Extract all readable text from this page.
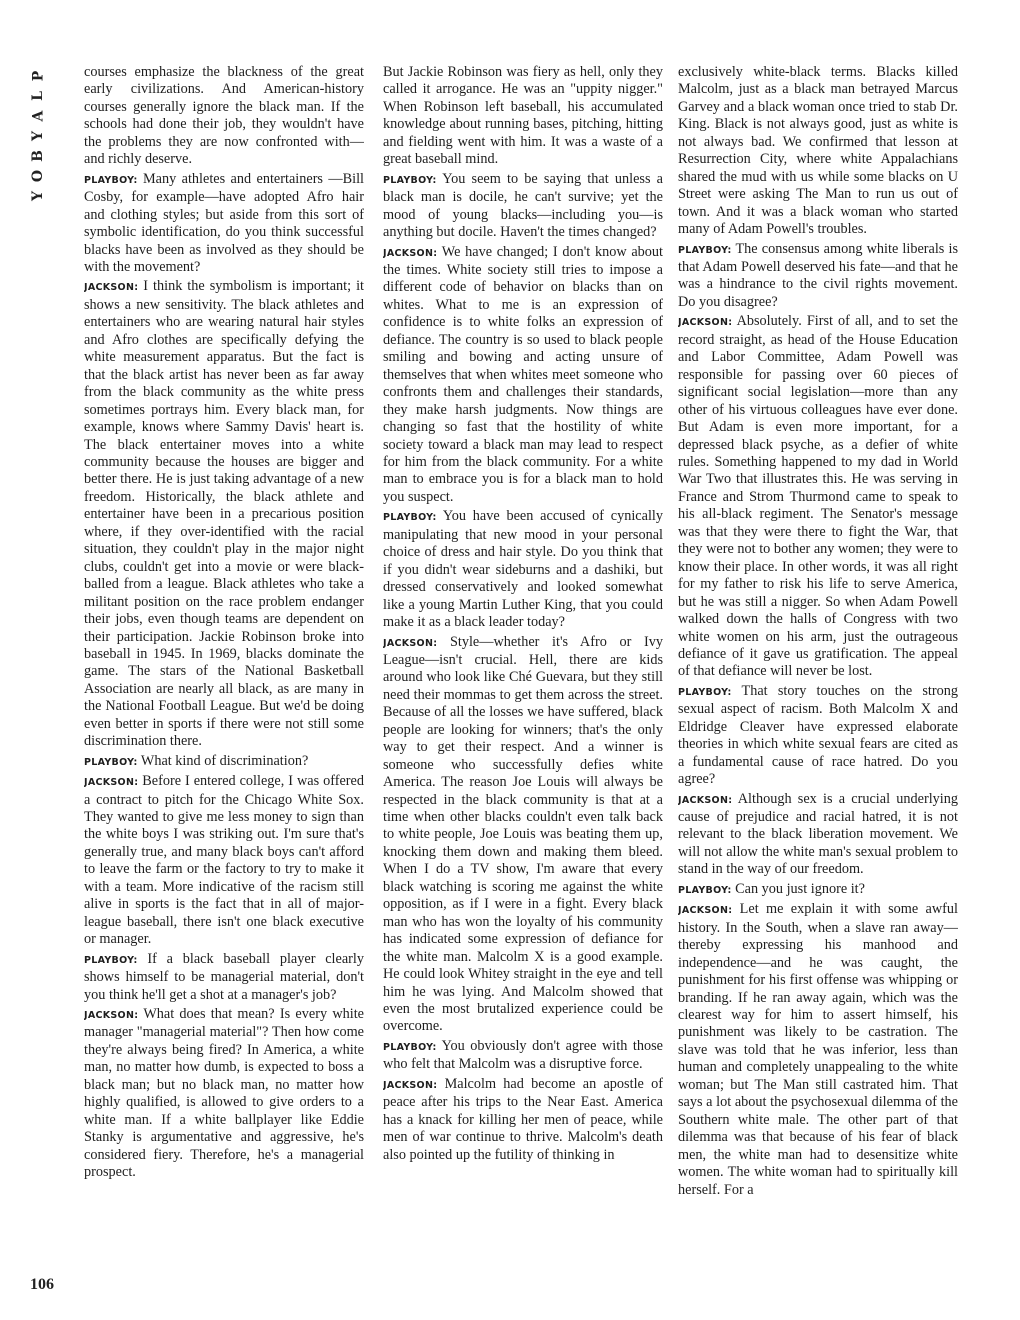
P
L
A
Y
B
O
Y
106

courses emphasize the blackness of the great early civilizations. And American-history courses generally ignore the black man. If the schools had done their job, they wouldn't have the problems they are now confronted with—and richly deserve.

PLAYBOY: Many athletes and entertainers —Bill Cosby, for example—have adopted Afro hair and clothing styles; but aside from this sort of symbolic identification, do you think successful blacks have been as involved as they should be with the movement?

JACKSON: I think the symbolism is important; it shows a new sensitivity. The black athletes and entertainers who are wearing natural hair styles and Afro clothes are specifically defying the white measurement apparatus. But the fact is that the black artist has never been as far away from the black community as the white press sometimes portrays him. Every black man, for example, knows where Sammy Davis' heart is. The black entertainer moves into a white community because the houses are bigger and better there. He is just taking advantage of a new freedom. Historically, the black athlete and entertainer have been in a precarious position where, if they over-identified with the racial situation, they couldn't play in the major night clubs, couldn't get into a movie or were black-balled from a league. Black athletes who take a militant position on the race problem endanger their jobs, even though teams are dependent on their participation. Jackie Robinson broke into baseball in 1945. In 1969, blacks dominate the game. The stars of the National Basketball Association are nearly all black, as are many in the National Football League. But we'd be doing even better in sports if there were not still some discrimination there.

PLAYBOY: What kind of discrimination?

JACKSON: Before I entered college, I was offered a contract to pitch for the Chicago White Sox. They wanted to give me less money to sign than the white boys I was striking out. I'm sure that's generally true, and many black boys can't afford to leave the farm or the factory to try to make it with a team. More indicative of the racism still alive in sports is the fact that in all of major-league baseball, there isn't one black executive or manager.

PLAYBOY: If a black baseball player clearly shows himself to be managerial material, don't you think he'll get a shot at a manager's job?

JACKSON: What does that mean? Is every white manager "managerial material"? Then how come they're always being fired? In America, a white man, no matter how dumb, is expected to boss a black man; but no black man, no matter how highly qualified, is allowed to give orders to a white man. If a white ballplayer like Eddie Stanky is argumentative and aggressive, he's considered fiery. Therefore, he's a managerial prospect.

But Jackie Robinson was fiery as hell, only they called it arrogance. He was an "uppity nigger." When Robinson left baseball, his accumulated knowledge about running bases, pitching, hitting and fielding went with him. It was a waste of a great baseball mind.

PLAYBOY: You seem to be saying that unless a black man is docile, he can't survive; yet the mood of young blacks—including you—is anything but docile. Haven't the times changed?

JACKSON: We have changed; I don't know about the times. White society still tries to impose a different code of behavior on blacks than on whites. What to me is an expression of confidence is to white folks an expression of defiance. The country is so used to black people smiling and bowing and acting unsure of themselves that when whites meet someone who confronts them and challenges their standards, they make harsh judgments. Now things are changing so fast that the hostility of white society toward a black man may lead to respect for him from the black community. For a white man to embrace you is for a black man to hold you suspect.

PLAYBOY: You have been accused of cynically manipulating that new mood in your personal choice of dress and hair style. Do you think that if you didn't wear sideburns and a dashiki, but dressed conservatively and looked somewhat like a young Martin Luther King, that you could make it as a black leader today?

JACKSON: Style—whether it's Afro or Ivy League—isn't crucial. Hell, there are kids around who look like Ché Guevara, but they still need their mommas to get them across the street. Because of all the losses we have suffered, black people are looking for winners; that's the only way to get their respect. And a winner is someone who successfully defies white America. The reason Joe Louis will always be respected in the black community is that at a time when other blacks couldn't even talk back to white people, Joe Louis was beating them up, knocking them down and making them bleed. When I do a TV show, I'm aware that every black watching is scoring me against the white opposition, as if I were in a fight. Every black man who has won the loyalty of his community has indicated some expression of defiance for the white man. Malcolm X is a good example. He could look Whitey straight in the eye and tell him he was lying. And Malcolm showed that even the most brutalized experience could be overcome.

PLAYBOY: You obviously don't agree with those who felt that Malcolm was a disruptive force.

JACKSON: Malcolm had become an apostle of peace after his trips to the Near East. America has a knack for killing her men of peace, while men of war continue to thrive. Malcolm's death also pointed up the futility of thinking in

exclusively white-black terms. Blacks killed Malcolm, just as a black man betrayed Marcus Garvey and a black woman once tried to stab Dr. King. Black is not always good, just as white is not always bad. We confirmed that lesson at Resurrection City, where white Appalachians shared the mud with us while some blacks on U Street were asking The Man to run us out of town. And it was a black woman who started many of Adam Powell's troubles.

PLAYBOY: The consensus among white liberals is that Adam Powell deserved his fate—and that he was a hindrance to the civil rights movement. Do you disagree?

JACKSON: Absolutely. First of all, and to set the record straight, as head of the House Education and Labor Committee, Adam Powell was responsible for passing over 60 pieces of significant social legislation—more than any other of his virtuous colleagues have ever done. But Adam is even more important, for a depressed black psyche, as a defier of white rules. Something happened to my dad in World War Two that illustrates this. He was serving in France and Strom Thurmond came to speak to his all-black regiment. The Senator's message was that they were there to fight the War, that they were not to bother any women; they were to know their place. In other words, it was all right for my father to risk his life to serve America, but he was still a nigger. So when Adam Powell walked down the halls of Congress with two white women on his arm, just the outrageous defiance of it gave us gratification. The appeal of that defiance will never be lost.

PLAYBOY: That story touches on the strong sexual aspect of racism. Both Malcolm X and Eldridge Cleaver have expressed elaborate theories in which white sexual fears are cited as a fundamental cause of race hatred. Do you agree?

JACKSON: Although sex is a crucial underlying cause of prejudice and racial hatred, it is not relevant to the black liberation movement. We will not allow the white man's sexual problem to stand in the way of our freedom.

PLAYBOY: Can you just ignore it?

JACKSON: Let me explain it with some awful history. In the South, when a slave ran away—thereby expressing his manhood and independence—and he was caught, the punishment for his first offense was whipping or branding. If he ran away again, which was the clearest way for him to assert himself, his punishment was likely to be castration. The slave was told that he was inferior, less than human and completely unappealing to the white woman; but The Man still castrated him. That says a lot about the psychosexual dilemma of the Southern white male. The other part of that dilemma was that because of his fear of black men, the white man had to desensitize white women. The white woman had to spiritually kill herself. For a
